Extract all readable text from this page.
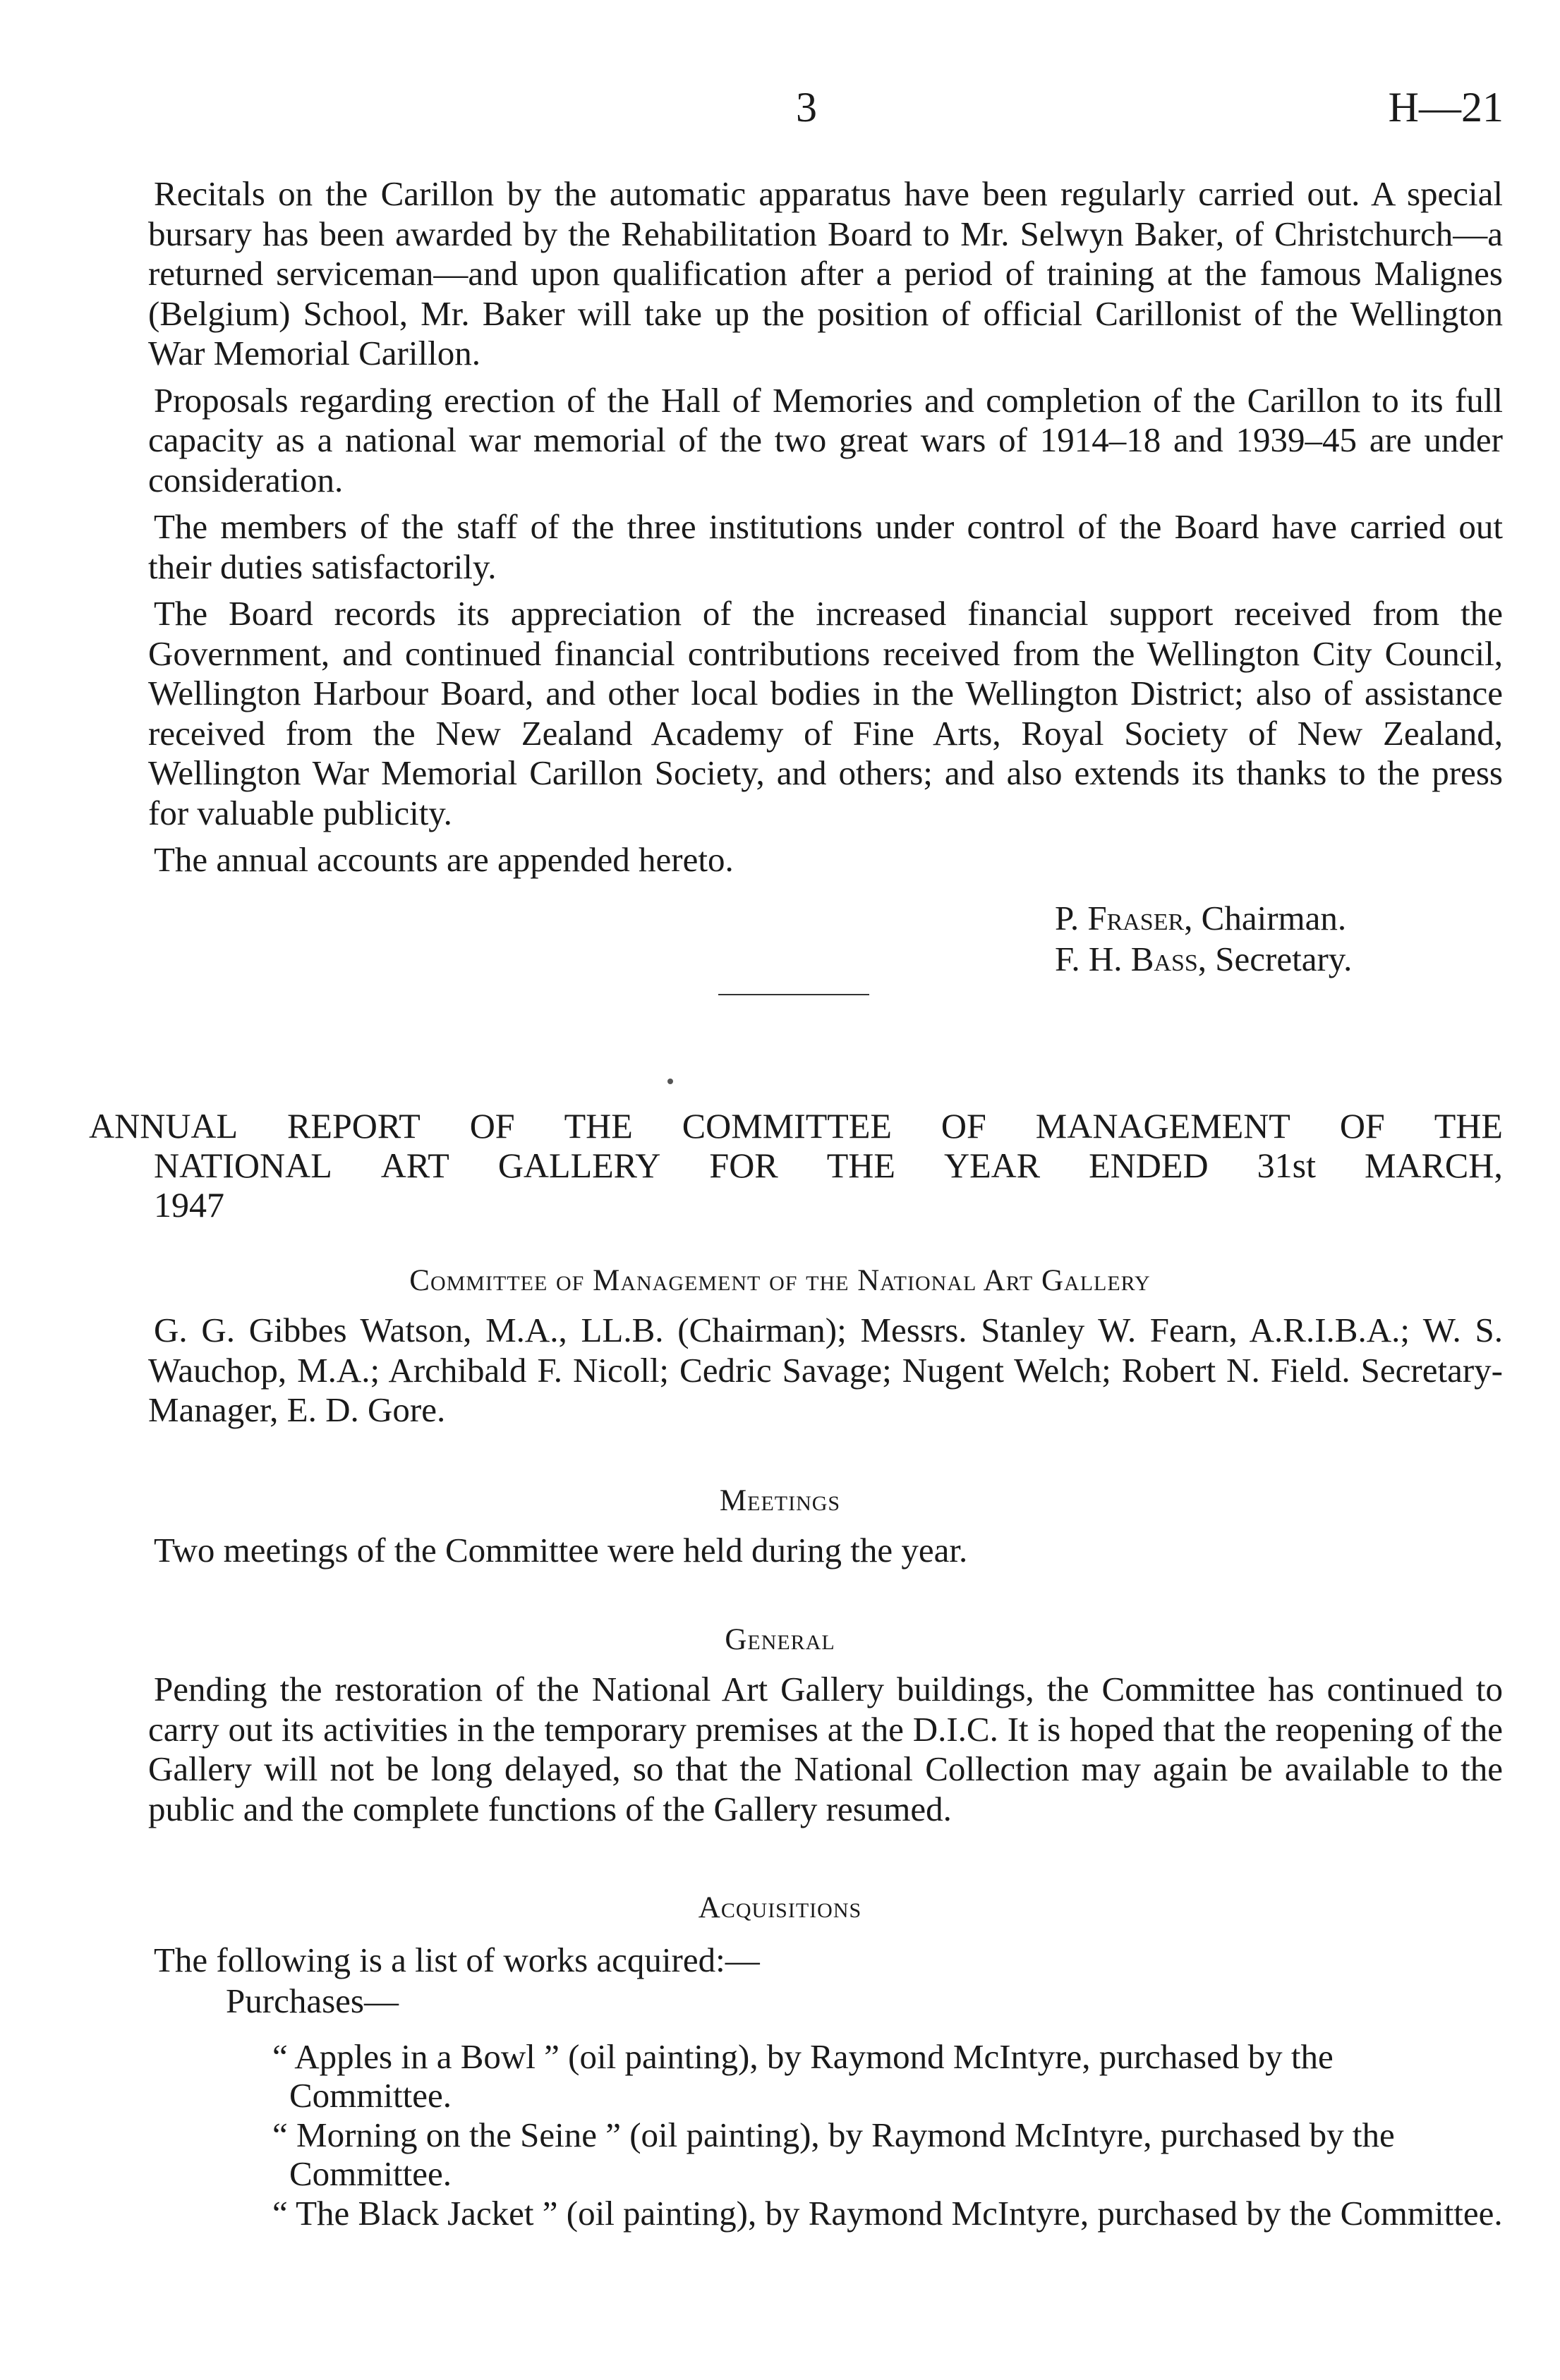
3	H—21

Recitals on the Carillon by the automatic apparatus have been regularly carried out. A special bursary has been awarded by the Rehabilitation Board to Mr. Selwyn Baker, of Christchurch—a returned serviceman—and upon qualification after a period of training at the famous Malignes (Belgium) School, Mr. Baker will take up the position of official Carillonist of the Wellington War Memorial Carillon.

Proposals regarding erection of the Hall of Memories and completion of the Carillon to its full capacity as a national war memorial of the two great wars of 1914–18 and 1939–45 are under consideration.

The members of the staff of the three institutions under control of the Board have carried out their duties satisfactorily.

The Board records its appreciation of the increased financial support received from the Government, and continued financial contributions received from the Wellington City Council, Wellington Harbour Board, and other local bodies in the Wellington District; also of assistance received from the New Zealand Academy of Fine Arts, Royal Society of New Zealand, Wellington War Memorial Carillon Society, and others; and also extends its thanks to the press for valuable publicity.

The annual accounts are appended hereto.

P. Fraser, Chairman.
F. H. Bass, Secretary.
ANNUAL REPORT OF THE COMMITTEE OF MANAGEMENT OF THE
NATIONAL ART GALLERY FOR THE YEAR ENDED 31st MARCH,
1947
Committee of Management of the National Art Gallery

G. G. Gibbes Watson, M.A., LL.B. (Chairman); Messrs. Stanley W. Fearn, A.R.I.B.A.; W. S. Wauchop, M.A.; Archibald F. Nicoll; Cedric Savage; Nugent Welch; Robert N. Field. Secretary-Manager, E. D. Gore.

Meetings

Two meetings of the Committee were held during the year.

General

Pending the restoration of the National Art Gallery buildings, the Committee has continued to carry out its activities in the temporary premises at the D.I.C. It is hoped that the reopening of the Gallery will not be long delayed, so that the National Collection may again be available to the public and the complete functions of the Gallery resumed.

Acquisitions

The following is a list of works acquired:—

Purchases—

“ Apples in a Bowl ” (oil painting), by Raymond McIntyre, purchased by the Committee.
“ Morning on the Seine ” (oil painting), by Raymond McIntyre, purchased by the Committee.
“ The Black Jacket ” (oil painting), by Raymond McIntyre, purchased by the Committee.
